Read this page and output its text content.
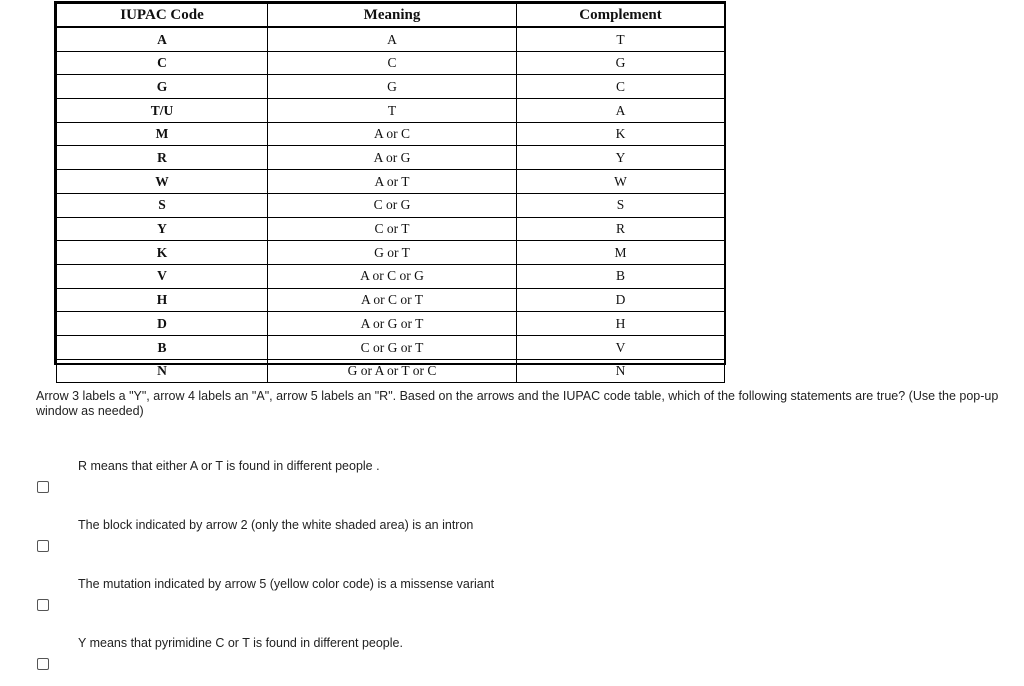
IUPAC Code	Meaning	Complement
A	A	T
C	C	G
G	G	C
T/U	T	A
M	A or C	K
R	A or G	Y
W	A or T	W
S	C or G	S
Y	C or T	R
K	G or T	M
V	A or C or G	B
H	A or C or T	D
D	A or G or T	H
B	C or G or T	V
N	G or A or T or C	N
Arrow 3 labels a "Y", arrow 4 labels an "A", arrow 5 labels an "R". Based on the arrows and the IUPAC code table, which of the following statements are true? (Use the pop-up window as needed)
R means that either A or T is found in different people .
The block indicated by arrow 2 (only the white shaded area) is an intron
The mutation indicated by arrow 5 (yellow color code) is a missense variant
Y means that pyrimidine C or T is found in different people.
